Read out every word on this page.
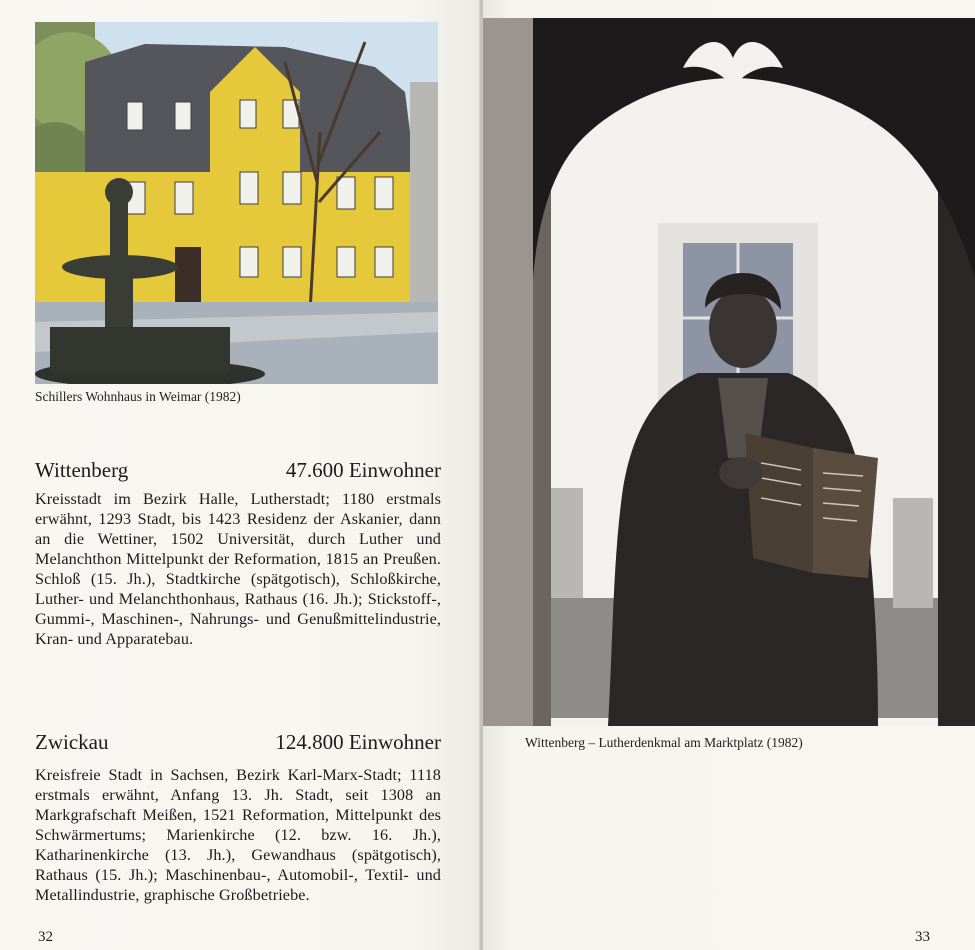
Schillers Wohnhaus in Weimar (1982)
Wittenberg	47.600 Einwohner
Kreisstadt im Bezirk Halle, Lutherstadt; 1180 erstmals erwähnt, 1293 Stadt, bis 1423 Residenz der Askanier, dann an die Wettiner, 1502 Universität, durch Luther und Melanchthon Mittelpunkt der Reformation, 1815 an Preußen. Schloß (15. Jh.), Stadtkirche (spätgotisch), Schloßkirche, Luther- und Melanchthonhaus, Rathaus (16. Jh.); Stickstoff-, Gummi-, Maschinen-, Nahrungs- und Genußmittelindustrie, Kran- und Apparatebau.
Zwickau	124.800 Einwohner
Kreisfreie Stadt in Sachsen, Bezirk Karl-Marx-Stadt; 1118 erstmals erwähnt, Anfang 13. Jh. Stadt, seit 1308 an Markgrafschaft Meißen, 1521 Reformation, Mittelpunkt des Schwärmertums; Marienkirche (12. bzw. 16. Jh.), Katharinenkirche (13. Jh.), Gewandhaus (spätgotisch), Rathaus (15. Jh.); Maschinenbau-, Automobil-, Textil- und Metallindustrie, graphische Großbetriebe.
32
Wittenberg – Lutherdenkmal am Marktplatz (1982)
33
